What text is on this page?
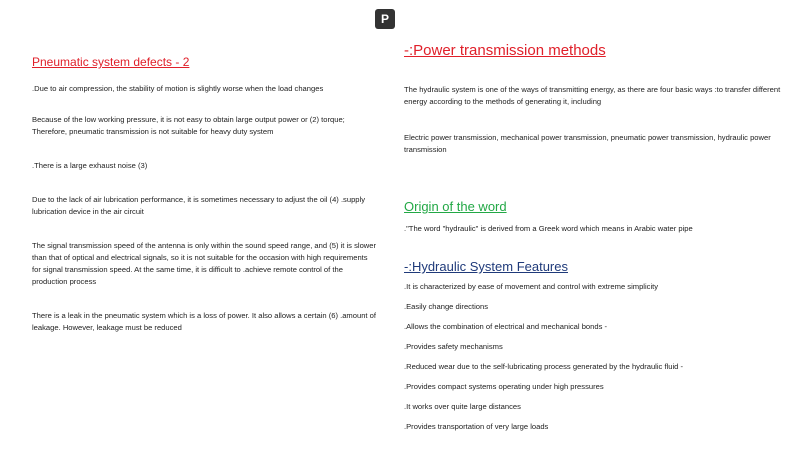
P
Pneumatic system defects - 2

.Due to air compression, the stability of motion is slightly worse when the load changes

Because of the low working pressure, it is not easy to obtain large output power or (2) torque; Therefore, pneumatic transmission is not suitable for heavy duty system

.There is a large exhaust noise (3)

Due to the lack of air lubrication performance, it is sometimes necessary to adjust the oil (4) .supply lubrication device in the air circuit

The signal transmission speed of the antenna is only within the sound speed range, and (5) it is slower than that of optical and electrical signals, so it is not suitable for the occasion with high requirements for signal transmission speed. At the same time, it is difficult to .achieve remote control of the production process

There is a leak in the pneumatic system which is a loss of power. It also allows a certain (6) .amount of leakage. However, leakage must be reduced

-:Power transmission methods

The hydraulic system is one of the ways of transmitting energy, as there are four basic ways :to transfer different energy according to the methods of generating it, including

Electric power transmission, mechanical power transmission, pneumatic power transmission, hydraulic power transmission

Origin of the word

."The word "hydraulic" is derived from a Greek word which means in Arabic water pipe

-:Hydraulic System Features
.It is characterized by ease of movement and control with extreme simplicity
.Easily change directions
.Allows the combination of electrical and mechanical bonds -
.Provides safety mechanisms
.Reduced wear due to the self-lubricating process generated by the hydraulic fluid -
.Provides compact systems operating under high pressures
.It works over quite large distances
.Provides transportation of very large loads
